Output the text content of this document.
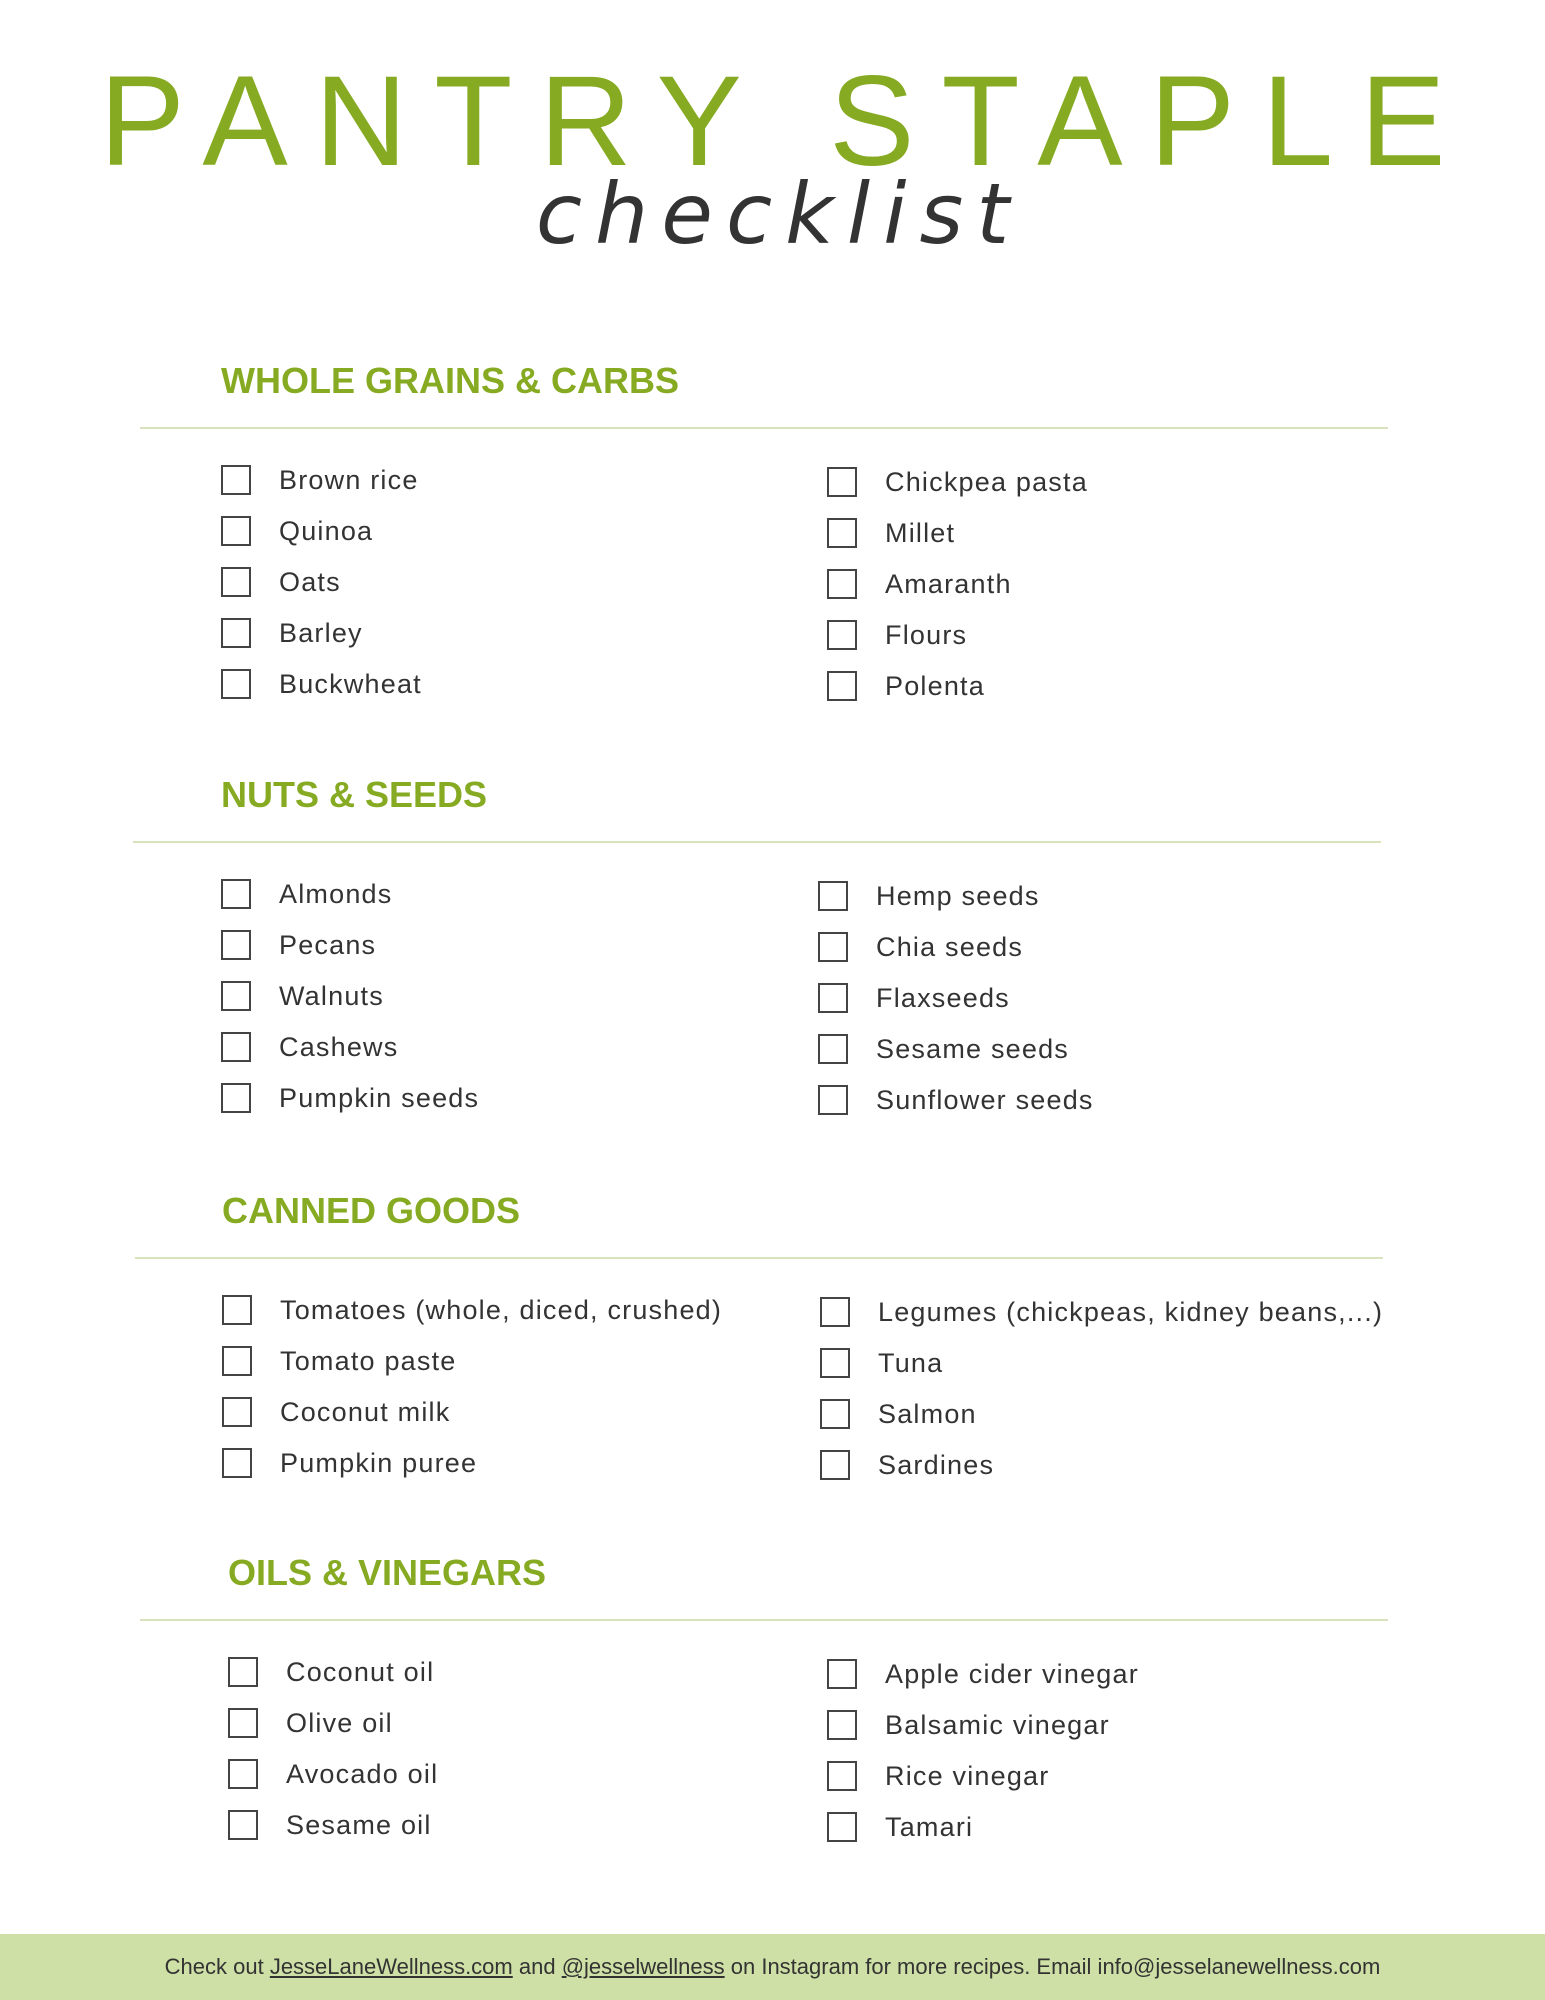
PANTRY STAPLE
checklist
WHOLE GRAINS & CARBS
Brown rice
Quinoa
Oats
Barley
Buckwheat
Chickpea pasta
Millet
Amaranth
Flours
Polenta
NUTS & SEEDS
Almonds
Pecans
Walnuts
Cashews
Pumpkin seeds
Hemp seeds
Chia seeds
Flaxseeds
Sesame seeds
Sunflower seeds
CANNED GOODS
Tomatoes (whole, diced, crushed)
Tomato paste
Coconut milk
Pumpkin puree
Legumes (chickpeas, kidney beans,...)
Tuna
Salmon
Sardines
OILS & VINEGARS
Coconut oil
Olive oil
Avocado oil
Sesame oil
Apple cider vinegar
Balsamic vinegar
Rice vinegar
Tamari
Check out JesseLaneWellness.com and @jesselwellness on Instagram for more recipes. Email info@jesselanewellness.com
